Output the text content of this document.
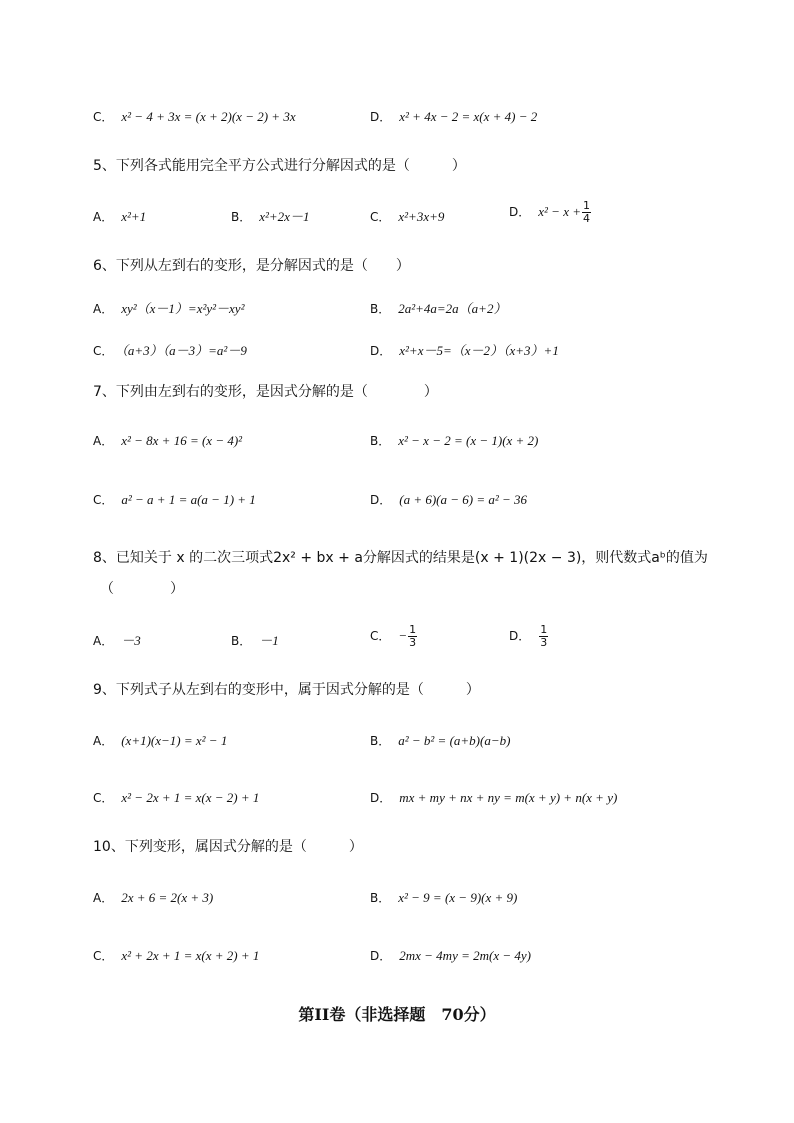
C． x² − 4 + 3x = (x + 2)(x − 2) + 3x	D． x² + 4x − 2 = x(x + 4) − 2
5、下列各式能用完全平方公式进行分解因式的是（　　　）
A． x²+1	B． x²+2x－1	C． x²+3x+9	D． $x^2 - x + \frac{1}{4}$
6、下列从左到右的变形，是分解因式的是（　　）
A． xy²（x－1）=x²y²－xy²	B． 2a²+4a=2a（a+2）
C． （a+3）（a－3）=a²－9	D． x²+x－5=（x－2）（x+3）+1
7、下列由左到右的变形，是因式分解的是（　　　　）
A． x² − 8x + 16 = (x − 4)²	B． x² − x − 2 = (x − 1)(x + 2)
C． a² − a + 1 = a(a − 1) + 1	D． (a + 6)(a − 6) = a² − 36
8、已知关于 x 的二次三项式2x² + bx + a分解因式的结果是(x + 1)(2x − 3)，则代数式aᵇ的值为
（　　　　）
A． －3	B． －1	C． − $\frac{1}{3}$	D． $\frac{1}{3}$
9、下列式子从左到右的变形中，属于因式分解的是（　　　）
A． (x+1)(x−1) = x² − 1	B． a² − b² = (a+b)(a−b)
C． x² − 2x + 1 = x(x − 2) + 1	D． mx + my + nx + ny = m(x + y) + n(x + y)
10、下列变形，属因式分解的是（　　　）
A． 2x + 6 = 2(x + 3)	B． x² − 9 = (x − 9)(x + 9)
C． x² + 2x + 1 = x(x + 2) + 1	D． 2mx − 4my = 2m(x − 4y)
第II卷（非选择题　70分）
